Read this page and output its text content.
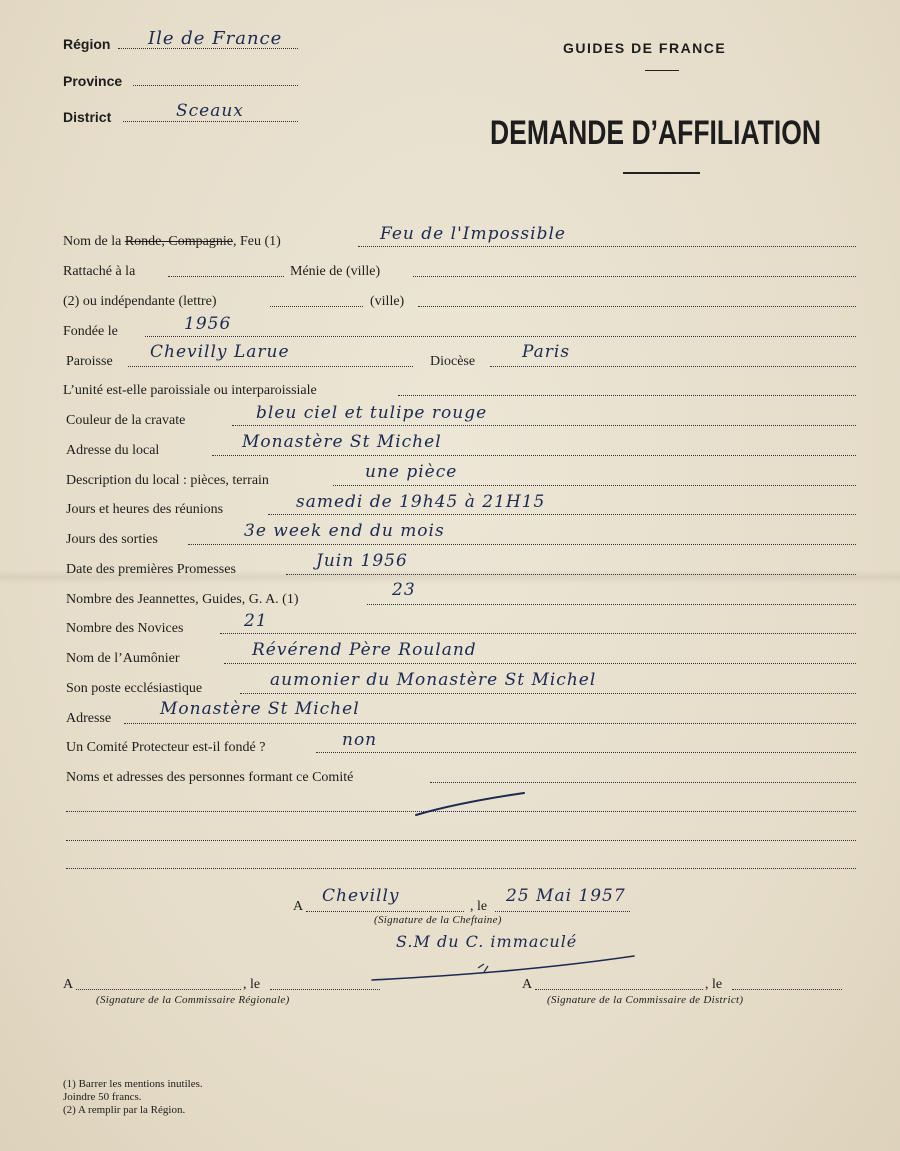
Région Ile de France
Province
District	Sceaux
GUIDES DE FRANCE
DEMANDE D’AFFILIATION
Nom de la Ronde, Compagnie, Feu (1)	Feu de l'Impossible
Rattaché à la	Ménie de (ville)
(2) ou indépendante (lettre)	(ville)
Fondée le	1956
Paroisse Chevilly Larue	Diocèse	Paris
L’unité est-elle paroissiale ou interparoissiale
Couleur de la cravate	bleu ciel et tulipe rouge
Adresse du local	Monastère St Michel
Description du local : pièces, terrain	une pièce
Jours et heures des réunions	samedi de 19h45 à 21H15
Jours des sorties	3e week end du mois
Date des premières Promesses	Juin 1956
Nombre des Jeannettes, Guides, G. A. (1)	23
Nombre des Novices	21
Nom de l’Aumônier	Révérend Père Rouland
Son poste ecclésiastique	aumonier du Monastère St Michel
Adresse	Monastère St Michel
Un Comité Protecteur est-il fondé ?	non
Noms et adresses des personnes formant ce Comité
A
Chevilly
, le
25 Mai 1957
(Signature de la Cheftaine)
S.M du C. immaculé
A	, le
(Signature de la Commissaire Régionale)
A	, le
(Signature de la Commissaire de District)
(1) Barrer les mentions inutiles.
Joindre 50 francs.
(2) A remplir par la Région.
